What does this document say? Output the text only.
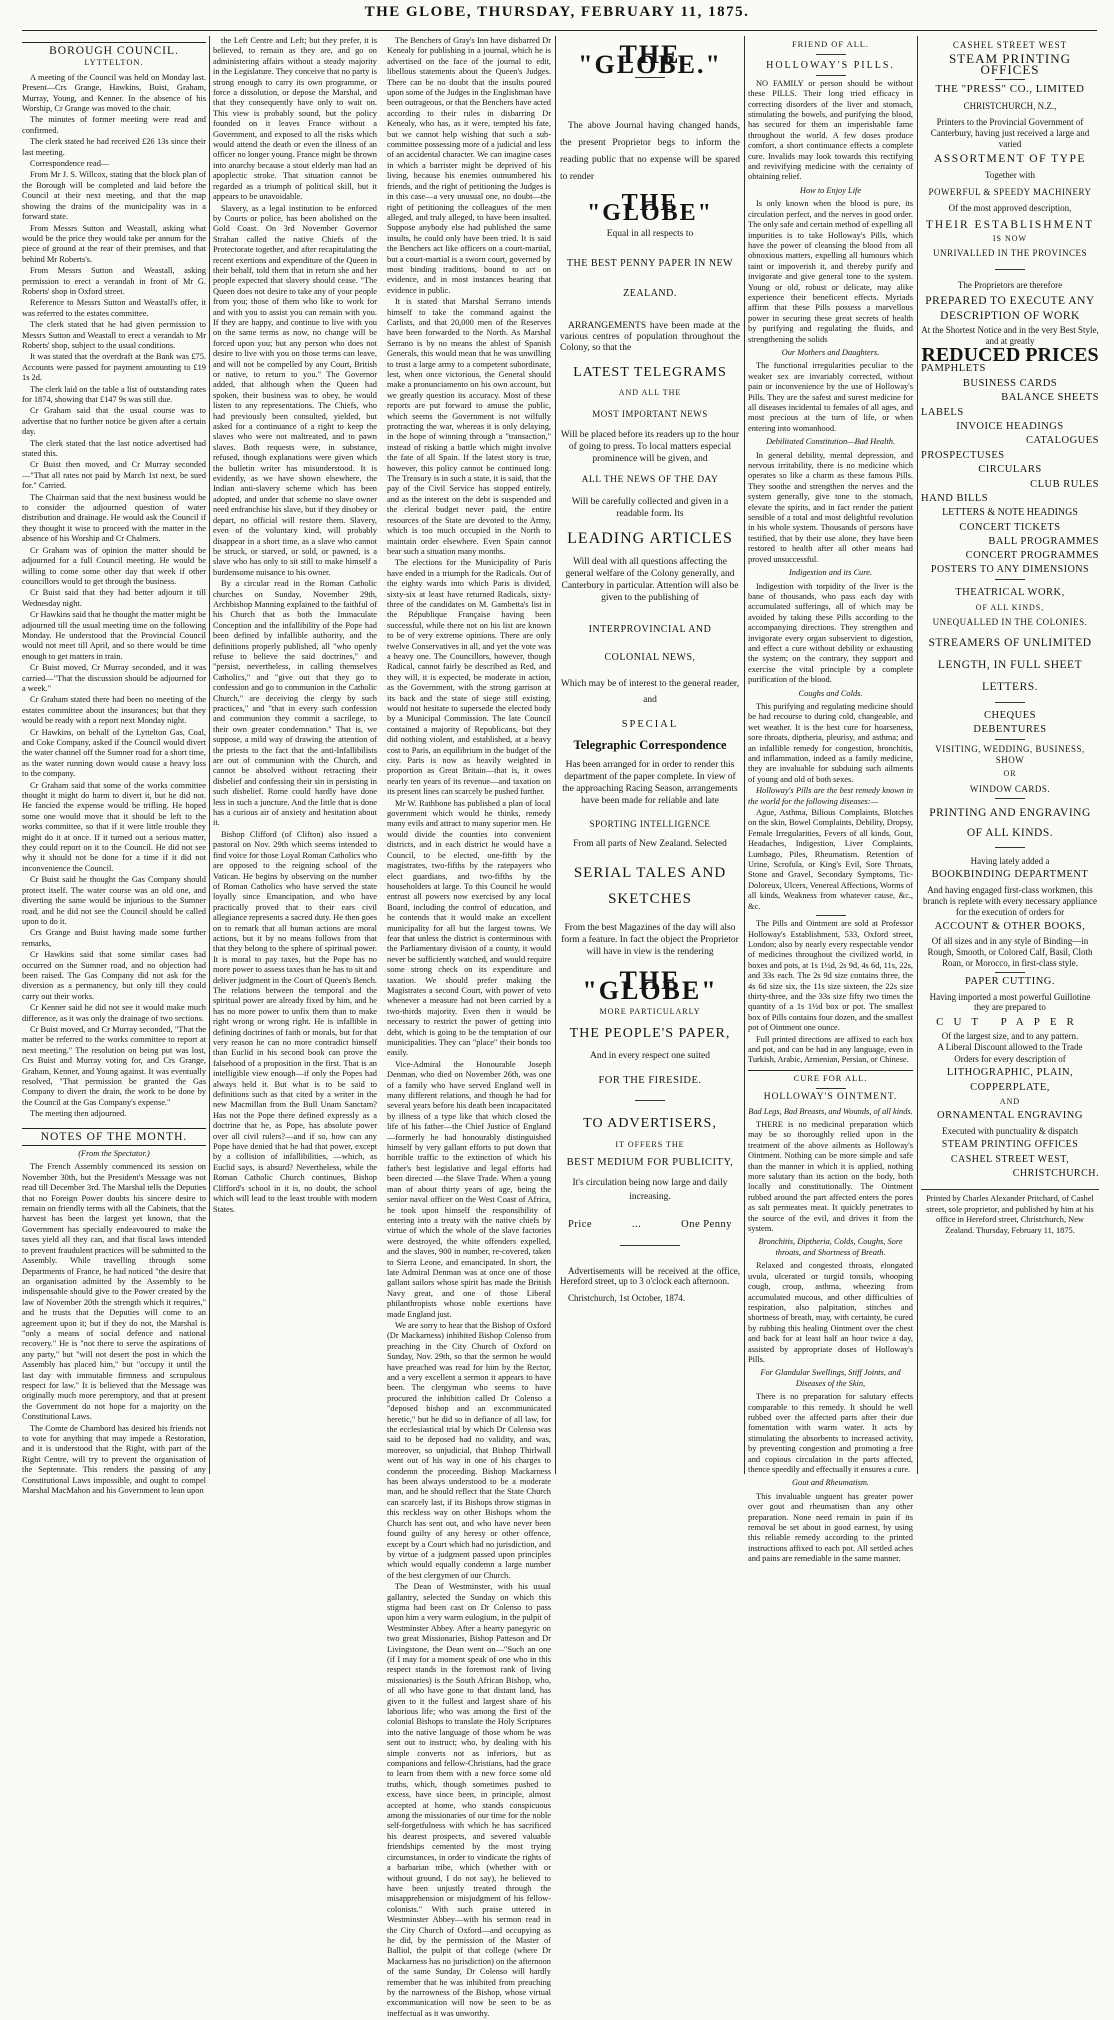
THE GLOBE, THURSDAY, FEBRUARY 11, 1875.
BOROUGH COUNCIL.
LYTTELTON.

A meeting of the Council was held on Monday last. Present—Crs Grange, Hawkins, Buist, Graham, Murray, Young, and Kenner. In the absence of his Worship, Cr Grange was moved to the chair.

The minutes of former meeting were read and confirmed.

The clerk stated he had received £26 13s since their last meeting.

Correspondence read—

From Mr J. S. Willcox, stating that the block plan of the Borough will be completed and laid before the Council at their next meeting, and that the map showing the drains of the municipality was in a forward state.

From Messrs Sutton and Weastall, asking what would be the price they would take per annum for the piece of ground at the rear of their premises, and that behind Mr Roberts's.

From Messrs Sutton and Weastall, asking permission to erect a verandah in front of Mr G. Roberts' shop in Oxford street.

Reference to Messrs Sutton and Weastall's offer, it was referred to the estates committee.

The clerk stated that he had given permission to Messrs Sutton and Weastall to erect a verandah to Mr Roberts' shop, subject to the usual conditions.

It was stated that the overdraft at the Bank was £75. Accounts were passed for payment amounting to £19 1s 2d.

The clerk laid on the table a list of outstanding rates for 1874, showing that £147 9s was still due.

Cr Graham said that the usual course was to advertise that no further notice be given after a certain day.

The clerk stated that the last notice advertised had stated this.

Cr Buist then moved, and Cr Murray seconded—"That all rates not paid by March 1st next, be sued for." Carried.

The Chairman said that the next business would be to consider the adjourned question of water distribution and drainage. He would ask the Council if they thought it wise to proceed with the matter in the absence of his Worship and Cr Chalmers.

Cr Graham was of opinion the matter should be adjourned for a full Council meeting. He would be willing to come some other day that week if other councillors would to get through the business.

Cr Buist said that they had better adjourn it till Wednesday night.

Cr Hawkins said that he thought the matter might be adjourned till the usual meeting time on the following Monday. He understood that the Provincial Council would not meet till April, and so there would be time enough to get matters in train.

Cr Buist moved, Cr Murray seconded, and it was carried—"That the discussion should be adjourned for a week."

Cr Graham stated there had been no meeting of the estates committee about the insurances; but that they would be ready with a report next Monday night.

Cr Hawkins, on behalf of the Lyttelton Gas, Coal, and Coke Company, asked if the Council would divert the water channel off the Sumner road for a short time, as the water running down would cause a heavy loss to the company.

Cr Graham said that some of the works committee thought it might do harm to divert it, but he did not. He fancied the expense would be trifling. He hoped some one would move that it should be left to the works committee, so that if it were little trouble they might do it at once. If it turned out a serious matter, they could report on it to the Council. He did not see why it should not be done for a time if it did not inconvenience the Council.

Cr Buist said he thought the Gas Company should protect itself. The water course was an old one, and diverting the same would be injurious to the Sumner road, and he did not see the Council should be called upon to do it.

Crs Grange and Buist having made some further remarks,

Cr Hawkins said that some similar cases had occurred on the Sumner road, and no objection had been raised. The Gas Company did not ask for the diversion as a permanency, but only till they could carry out their works.

Cr Kenner said he did not see it would make much difference, as it was only the drainage of two sections.

Cr Buist moved, and Cr Murray seconded, "That the matter be referred to the works committee to report at next meeting." The resolution on being put was lost, Crs Buist and Murray voting for, and Crs Grange, Graham, Kenner, and Young against. It was eventually resolved, "That permission be granted the Gas Company to divert the drain, the work to be done by the Council at the Gas Company's expense."

The meeting then adjourned.

NOTES OF THE MONTH.
(From the Spectator.)

The French Assembly commenced its session on November 30th, but the President's Message was not read till December 3rd. The Marshal tells the Deputies that no Foreign Power doubts his sincere desire to remain on friendly terms with all the Cabinets, that the harvest has been the largest yet known, that the Government has specially endeavoured to make the taxes yield all they can, and that fiscal laws intended to prevent fraudulent practices will be submitted to the Assembly. While travelling through some Departments of France, he had noticed "the desire that an organisation admitted by the Assembly to be indispensable should give to the Power created by the law of November 20th the strength which it requires," and he trusts that the Deputies will come to an agreement upon it; but if they do not, the Marshal is "only a means of social defence and national recovery." He is "not there to serve the aspirations of any party," but "will not desert the post in which the Assembly has placed him," but "occupy it until the last day with immutable firmness and scrupulous respect for law." It is believed that the Message was originally much more peremptory, and that at present the Government do not hope for a majority on the Constitutional Laws.

The Comte de Chambord has desired his friends not to vote for anything that may impede a Restoration, and it is understood that the Right, with part of the Right Centre, will try to prevent the organisation of the Septennate. This renders the passing of any Constitutional Laws impossible, and ought to compel Marshal MacMahon and his Government to lean upon

the Left Centre and Left; but they prefer, it is believed, to remain as they are, and go on administering affairs without a steady majority in the Legislature. They conceive that no party is strong enough to carry its own programme, or force a dissolution, or depose the Marshal, and that they consequently have only to wait on. This view is probably sound, but the policy founded on it leaves France without a Government, and exposed to all the risks which would attend the death or even the illness of an officer no longer young. France might be thrown into anarchy because a stout elderly man had an apoplectic stroke. That situation cannot be regarded as a triumph of political skill, but it appears to be unavoidable.

Slavery, as a legal institution to be enforced by Courts or police, has been abolished on the Gold Coast. On 3rd November Governor Strahan called the native Chiefs of the Protectorate together, and after recapitulating the recent exertions and expenditure of the Queen in their behalf, told them that in return she and her people expected that slavery should cease. "The Queen does not desire to take any of your people from you; those of them who like to work for and with you to assist you can remain with you. If they are happy, and continue to live with you on the same terms as now, no change will be forced upon you; but any person who does not desire to live with you on those terms can leave, and will not be compelled by any Court, British or native, to return to you." The Governor added, that although when the Queen had spoken, their business was to obey, he would listen to any representations. The Chiefs, who had previously been consulted, yielded, but asked for a continuance of a right to keep the slaves who were not maltreated, and to pawn slaves. Both requests were, in substance, refused, though explanations were given which the bulletin writer has misunderstood. It is evidently, as we have shown elsewhere, the Indian anti-slavery scheme which has been adopted, and under that scheme no slave owner need enfranchise his slave, but if they disobey or depart, no official will restore them. Slavery, even of the voluntary kind, will probably disappear in a short time, as a slave who cannot be struck, or starved, or sold, or pawned, is a slave who has only to sit still to make himself a burdensome nuisance to his owner.

By a circular read in the Roman Catholic churches on Sunday, November 29th, Archbishop Manning explained to the faithful of his Church that as both the Immaculate Conception and the infallibility of the Pope had been defined by infallible authority, and the definitions properly published, all "who openly refuse to believe the said doctrines," and "persist, nevertheless, in calling themselves Catholics," and "give out that they go to confession and go to communion in the Catholic Church," are deceiving the clergy by such practices," and "that in every such confession and communion they commit a sacrilege, to their own greater condemnation." That is, we suppose, a mild way of drawing the attention of the priests to the fact that the anti-Infallibilists are out of communion with the Church, and cannot be absolved without retracting their disbelief and confessing their sin in persisting in such disbelief. Rome could hardly have done less in such a juncture. And the little that is done has a curious air of anxiety and hesitation about it.

Bishop Clifford (of Clifton) also issued a pastoral on Nov. 29th which seems intended to find voice for those Loyal Roman Catholics who are opposed to the reigning school of the Vatican. He begins by observing on the number of Roman Catholics who have served the state loyally since Emancipation, and who have practically proved that to their ears civil allegiance represents a sacred duty. He then goes on to remark that all human actions are moral actions, but it by no means follows from that that they belong to the sphere of spiritual power. It is moral to pay taxes, but the Pope has no more power to assess taxes than he has to sit and deliver judgment in the Court of Queen's Bench. The relations between the temporal and the spiritual power are already fixed by him, and he has no more power to unfix them than to make right wrong or wrong right. He is infallible in defining doctrines of faith or morals, but for that very reason he can no more contradict himself than Euclid in his second book can prove the falsehood of a proposition in the first. That is an intelligible view enough—if only the Popes had always held it. But what is to be said to definitions such as that cited by a writer in the new Macmillan from the Bull Unam Sanctam? Has not the Pope there defined expressly as a doctrine that he, as Pope, has absolute power over all civil rulers?—and if so, how can any Pope have denied that he had that power, except by a collision of infallibilities, —which, as Euclid says, is absurd? Nevertheless, while the Roman Catholic Church continues, Bishop Clifford's school in it is, no doubt, the school which will lead to the least trouble with modern States.

The Benchers of Gray's Inn have disbarred Dr Kenealy for publishing in a journal, which he is advertised on the face of the journal to edit, libellous statements about the Queen's Judges. There can be no doubt that the insults poured upon some of the Judges in the Englishman have been outrageous, or that the Benchers have acted according to their rules in disbarring Dr Kenealy, who has, as it were, tempted his fate, but we cannot help wishing that such a sub-committee possessing more of a judicial and less of an accidental character. We can imagine cases in which a barrister might be deprived of his living, because his enemies outnumbered his friends, and the right of petitioning the Judges is in this case—a very unusual one, no doubt—the right of petitioning the colleagues of the men alleged, and truly alleged, to have been insulted. Suppose anybody else had published the same insults, he could only have been tried. It is said the Benchers act like officers on a court-martial, but a court-martial is a sworn court, governed by most binding traditions, bound to act on evidence, and in most instances bearing that evidence in public.

It is stated that Marshal Serrano intends himself to take the command against the Carlists, and that 20,000 men of the Reserves have been forwarded to the North. As Marshal Serrano is by no means the ablest of Spanish Generals, this would mean that he was unwilling to trust a large army to a competent subordinate, lest, when once victorious, the General should make a pronunciamento on his own account, but we greatly question its accuracy. Most of these reports are put forward to amuse the public, which seems the Government is not wilfully protracting the war, whereas it is only delaying, in the hope of winning through a "transaction," instead of risking a battle which might involve the fate of all Spain. If the latest story is true, however, this policy cannot be continued long. The Treasury is in such a state, it is said, that the pay of the Civil Service has stopped entirely, and as the interest on the debt is suspended and the clerical budget never paid, the entire resources of the State are devoted to the Army, which is too much occupied in the North to maintain order elsewhere. Even Spain cannot bear such a situation many months.

The elections for the Municipality of Paris have ended in a triumph for the Radicals. Out of the eighty wards into which Paris is divided, sixty-six at least have returned Radicals, sixty-three of the candidates on M. Gambetta's list in the République Française having been successful, while there not on his list are known to be of very extreme opinions. There are only twelve Conservatives in all, and yet the vote was a heavy one. The Councillors, however, though Radical, cannot fairly be described as Red, and they will, it is expected, be moderate in action, as the Government, with the strong garrison at its back and the state of siege still existing, would not hesitate to supersede the elected body by a Municipal Commission. The late Council contained a majority of Republicans, but they did nothing violent, and established, at a heavy cost to Paris, an equilibrium in the budget of the city. Paris is now as heavily weighted in proportion as Great Britain—that is, it owes nearly ten years of its revenue—and taxation on its present lines can scarcely be pushed further.

Mr W. Rathbone has published a plan of local government which would he thinks, remedy many evils and attract to many superior men. He would divide the counties into convenient districts, and in each district he would have a Council, to be elected, one-fifth by the magistrates, two-fifths by the ratepayers who elect guardians, and two-fifths by the householders at large. To this Council he would entrust all powers now exercised by any local Board, including the control of education, and he contends that it would make an excellent municipality for all but the largest towns. We fear that unless the district is conterminous with the Parliamentary division of a county, it would never be sufficiently watched, and would require some strong check on its expenditure and taxation. We should prefer making the Magistrates a second Court, with power of veto whenever a measure had not been carried by a two-thirds majority. Even then it would be necessary to restrict the power of getting into debt, which is going to be the temptation of our municipalities. They can "place" their bonds too easily.

Vice-Admiral the Honourable Joseph Denman, who died on November 26th, was one of a family who have served England well in many different relations, and though he had for several years before his death been incapacitated by illness of a type like that which closed the life of his father—the Chief Justice of England—formerly he had honourably distinguished himself by very gallant efforts to put down that horrible traffic to the extinction of which his father's best legislative and legal efforts had been directed —the Slave Trade. When a young man of about thirty years of age, being the senior naval officer on the West Coast of Africa, he took upon himself the responsibility of entering into a treaty with the native chiefs by virtue of which the whole of the slave factories were destroyed, the white offenders expelled, and the slaves, 900 in number, re-covered, taken to Sierra Leone, and emancipated. In short, the late Admiral Denman was at once one of those gallant sailors whose spirit has made the British Navy great, and one of those Liberal philanthropists whose noble exertions have made England just.

We are sorry to hear that the Bishop of Oxford (Dr Mackarness) inhibited Bishop Colenso from preaching in the City Church of Oxford on Sunday, Nov. 29th, so that the sermon he would have preached was read for him by the Rector, and a very excellent a sermon it appears to have been. The clergyman who seems to have procured the inhibition called Dr Colenso a "deposed bishop and an excommunicated heretic," but he did so in defiance of all law, for the ecclesiastical trial by which Dr Colenso was said to be deposed had no validity, and was, moreover, so unjudicial, that Bishop Thirlwall went out of his way in one of his charges to condemn the proceeding. Bishop Mackarness has been always understood to be a moderate man, and he should reflect that the State Church can scarcely last, if its Bishops throw stigmas in this reckless way on other Bishops whom the Church has sent out, and who have never been found guilty of any heresy or other offence, except by a Court which had no jurisdiction, and by virtue of a judgment passed upon principles which would equally condemn a large number of the best clergymen of our Church.

The Dean of Westminster, with his usual gallantry, selected the Sunday on which this stigma had been cast on Dr Colenso to pass upon him a very warm eulogium, in the pulpit of Westminster Abbey. After a hearty panegyric on two great Missionaries, Bishop Patteson and Dr Livingstone, the Dean went on—"Such an one (if I may for a moment speak of one who in this respect stands in the foremost rank of living missionaries) is the South African Bishop, who, of all who have gone to that distant land, has given to it the fullest and largest share of his laborious life; who was among the first of the colonial Bishops to translate the Holy Scriptures into the native language of those whom he was sent out to instruct; who, by dealing with his simple converts not as inferiors, but as companions and fellow-Christians, had the grace to learn from them with a new force some old truths, which, though sometimes pushed to excess, have since been, in principle, almost accepted at home, who stands conspicuous among the missionaries of our time for the noble self-forgetfulness with which he has sacrificed his dearest prospects, and severed valuable friendships cemented by the most trying circumstances, in order to vindicate the rights of a barbarian tribe, which (whether with or without ground, I do not say), he believed to have been unjustly treated through the misapprehension or misjudgment of his fellow-colonists." With such praise uttered in Westminster Abbey—with his sermon read in the City Church of Oxford—and occupying as he did, by the permission of the Master of Balliol, the pulpit of that college (where Dr Mackarness has no jurisdiction) on the afternoon of the same Sunday, Dr Colenso will hardly remember that he was inhibited from preaching by the narrowness of the Bishop, whose virtual excommunication will now be seen to be as ineffectual as it was unworthy.

THE "GLOBE."

The above Journal having changed hands, the present Proprietor begs to inform the reading public that no expense will be spared to render

THE "GLOBE"
Equal in all respects to
THE BEST PENNY PAPER IN NEW ZEALAND.

ARRANGEMENTS have been made at the various centres of population throughout the Colony, so that the

LATEST TELEGRAMS
AND ALL THE
MOST IMPORTANT NEWS

Will be placed before its readers up to the hour of going to press. To local matters especial prominence will be given, and

ALL THE NEWS OF THE DAY

Will be carefully collected and given in a readable form. Its

LEADING ARTICLES

Will deal with all questions affecting the general welfare of the Colony generally, and Canterbury in particular. Attention will also be given to the publishing of

INTERPROVINCIAL AND COLONIAL NEWS,

Which may be of interest to the general reader, and

SPECIAL
Telegraphic Correspondence

Has been arranged for in order to render this department of the paper complete. In view of the approaching Racing Season, arrangements have been made for reliable and late

SPORTING INTELLIGENCE

From all parts of New Zealand. Selected

SERIAL TALES AND SKETCHES

From the best Magazines of the day will also form a feature. In fact the object the Proprietor will have in view is the rendering

THE "GLOBE"
MORE PARTICULARLY
THE PEOPLE'S PAPER,
And in every respect one suited
FOR THE FIRESIDE.
TO ADVERTISERS,
IT OFFERS THE
BEST MEDIUM FOR PUBLICITY,

It's circulation being now large and daily increasing.

Price	...	One Penny

Advertisements will be received at the office, Hereford street, up to 3 o'clock each afternoon.

Christchurch, 1st October, 1874.

FRIEND OF ALL.
HOLLOWAY'S PILLS.

NO FAMILY or person should be without these PILLS. Their long tried efficacy in correcting disorders of the liver and stomach, stimulating the bowels, and purifying the blood, has secured for them an imperishable fame throughout the world. A few doses produce comfort, a short continuance effects a complete cure. Invalids may look towards this rectifying and revivifying medicine with the certainty of obtaining relief.

How to Enjoy Life

Is only known when the blood is pure, its circulation perfect, and the nerves in good order. The only safe and certain method of expelling all impurities is to take Holloway's Pills, which have the power of cleansing the blood from all obnoxious matters, expelling all humours which taint or impoverish it, and thereby purify and invigorate and give general tone to the system. Young or old, robust or delicate, may alike experience their beneficent effects. Myriads affirm that these Pills possess a marvellous power in securing these great secrets of health by purifying and regulating the fluids, and strengthening the solids

Our Mothers and Daughters.

The functional irregularities peculiar to the weaker sex are invariably corrected, without pain or inconvenience by the use of Holloway's Pills. They are the safest and surest medicine for all diseases incidental to females of all ages, and most precious at the turn of life, or when entering into womanhood.

Debilitated Constitution—Bad Health.

In general debility, mental depression, and nervous irritability, there is no medicine which operates so like a charm as these famous Pills. They soothe and strengthen the nerves and the system generally, give tone to the stomach, elevate the spirits, and in fact render the patient sensible of a total and most delightful revolution in his whole system. Thousands of persons have testified, that by their use alone, they have been restored to health after all other means had proved unsuccessful.

Indigestion and its Cure.

Indigestion with torpidity of the liver is the bane of thousands, who pass each day with accumulated sufferings, all of which may be avoided by taking these Pills according to the accompanying directions. They strengthen and invigorate every organ subservient to digestion, and effect a cure without debility or exhausting the system; on the contrary, they support and exercise the vital principle by a complete purification of the blood.

Coughs and Colds.

This purifying and regulating medicine should be had recourse to during cold, changeable, and wet weather. It is the best cure for hoarseness, sore throats, diptheria, pleurisy, and asthma; and an infallible remedy for congestion, bronchitis, and inflammation, indeed as a family medicine, they are invaluable for subduing such ailments of young and old of both sexes.

Holloway's Pills are the best remedy known in the world for the following diseases:—

Ague, Asthma, Bilious Complaints, Blotches on the skin, Bowel Complaints, Debility, Dropsy, Female Irregularities, Fevers of all kinds, Gout, Headaches, Indigestion, Liver Complaints, Lumbago, Piles, Rheumatism. Retention of Urine, Scrofula, or King's Evil, Sore Throats, Stone and Gravel, Secondary Symptoms, Tic-Doloreux, Ulcers, Venereal Affections, Worms of all kinds, Weakness from whatever cause, &c., &c.

The Pills and Ointment are sold at Professor Holloway's Establishment, 533, Oxford street, London; also by nearly every respectable vendor of medicines throughout the civilized world, in boxes and pots, at 1s 1½d, 2s 9d, 4s 6d, 11s, 22s, and 33s each. The 2s 9d size contains three, the 4s 6d size six, the 11s size sixteen, the 22s size thirty-three, and the 33s size fifty two times the quantity of a 1s 1½d box or pot. The smallest box of Pills contains four dozen, and the smallest pot of Ointment one ounce.

Full printed directions are affixed to each box and pot, and can be had in any language, even in Turkish, Arabic, Armenian, Persian, or Chinese.

CURE FOR ALL.
HOLLOWAY'S OINTMENT.
Bad Legs, Bad Breasts, and Wounds, of all kinds.

THERE is no medicinal preparation which may be so thoroughly relied upon in the treatment of the above ailments as Holloway's Ointment. Nothing can be more simple and safe than the manner in which it is applied, nothing more salutary than its action on the body, both locally and constitutionally. The Ointment rubbed around the part affected enters the pores as salt permeates meat. It quickly penetrates to the source of the evil, and drives it from the system.

Bronchitis, Diptheria, Colds, Coughs, Sore throats, and Shortness of Breath.

Relaxed and congested throats, elongated uvula, ulcerated or turgid tonsils, whooping cough, croup, asthma, wheezing from accumulated mucous, and other difficulties of respiration, also palpitation, stitches and shortness of breath, may, with certainty, be cured by rubbing this healing Ointment over the chest and back for at least half an hour twice a day, assisted by appropriate doses of Holloway's Pills.

For Glandular Swellings, Stiff Joints, and Diseases of the Skin,

There is no preparation for salutary effects comparable to this remedy. It should be well rubbed over the affected parts after their due fomentation with warm water. It acts by stimulating the absorbents to increased activity, by preventing congestion and promoting a free and copious circulation in the parts affected, thence speedily and effectually it ensures a cure.

Gout and Rheumatism.

This invaluable unguent has greater power over gout and rheumatism than any other preparation. None need remain in pain if its removal be set about in good earnest, by using this reliable remedy according to the printed instructions affixed to each pot. All settled aches and pains are remediable in the same manner.

CASHEL STREET WEST
STEAM PRINTING OFFICES
THE "PRESS" CO., LIMITED
CHRISTCHURCH, N.Z.,

Printers to the Provincial Government of Canterbury, having just received a large and varied

ASSORTMENT OF TYPE
Together with
POWERFUL & SPEEDY MACHINERY
Of the most approved description,
THEIR ESTABLISHMENT
IS NOW
UNRIVALLED IN THE PROVINCES
The Proprietors are therefore
PREPARED TO EXECUTE ANY
DESCRIPTION OF WORK

At the Shortest Notice and in the very Best Style, and at greatly

REDUCED PRICES
PAMPHLETS
BUSINESS CARDS
BALANCE SHEETS
LABELS
INVOICE HEADINGS
CATALOGUES
PROSPECTUSES
CIRCULARS
CLUB RULES
HAND BILLS
LETTERS & NOTE HEADINGS
CONCERT TICKETS
BALL PROGRAMMES
CONCERT PROGRAMMES
POSTERS TO ANY DIMENSIONS
THEATRICAL WORK,
OF ALL KINDS,
UNEQUALLED IN THE COLONIES.
STREAMERS OF UNLIMITED LENGTH, IN FULL SHEET LETTERS.
CHEQUES
DEBENTURES
VISITING, WEDDING, BUSINESS, SHOW
OR
WINDOW CARDS.
PRINTING AND ENGRAVING OF ALL KINDS.
Having lately added a
BOOKBINDING DEPARTMENT

And having engaged first-class workmen, this branch is replete with every necessary appliance for the execution of orders for

ACCOUNT & OTHER BOOKS,

Of all sizes and in any style of Binding—in Rough, Smooth, or Colored Calf, Basil, Cloth Roan, or Morocco, in first-class style.

PAPER CUTTING.

Having imported a most powerful Guillotine they are prepared to

CUT PAPER

Of the largest size, and to any pattern.

A Liberal Discount allowed to the Trade

Orders for every description of

LITHOGRAPHIC, PLAIN,
COPPERPLATE,
AND
ORNAMENTAL ENGRAVING

Executed with punctuality & dispatch

STEAM PRINTING OFFICES
CASHEL STREET WEST,
CHRISTCHURCH.
Printed by Charles Alexander Pritchard, of Cashel street, sole proprietor, and published by him at his office in Hereford street, Christchurch, New Zealand. Thursday, February 11, 1875.
